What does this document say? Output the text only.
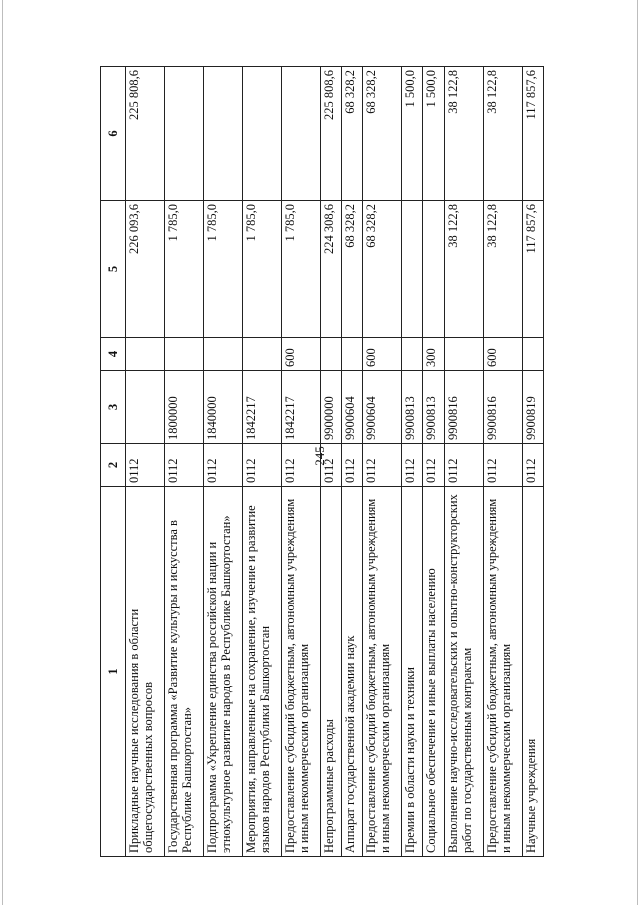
245
1	2	3	4	5	6
Прикладные научные исследования в области общегосударственных вопросов	0112			226 093,6	225 808,6
Государственная программа «Развитие культуры и искусства в Республике Башкортостан»	0112	1800000		1 785,0	
Подпрограмма «Укрепление единства российской нации и этнокультурное развитие народов в Республике Башкортостан»	0112	1840000		1 785,0	
Мероприятия, направленные на сохранение, изучение и развитие языков народов Республики Башкортостан	0112	1842217		1 785,0	
Предоставление субсидий бюджетным, автономным учреждениям и иным некоммерческим организациям	0112	1842217	600	1 785,0	
Непрограммные расходы	0112	9900000		224 308,6	225 808,6
Аппарат государственной академии наук	0112	9900604		68 328,2	68 328,2
Предоставление субсидий бюджетным, автономным учреждениям и иным некоммерческим организациям	0112	9900604	600	68 328,2	68 328,2
Премии в области науки и техники	0112	9900813			1 500,0
Социальное обеспечение и иные выплаты населению	0112	9900813	300		1 500,0
Выполнение научно-исследовательских и опытно-конструкторских работ по государственным контрактам	0112	9900816		38 122,8	38 122,8
Предоставление субсидий бюджетным, автономным учреждениям и иным некоммерческим организациям	0112	9900816	600	38 122,8	38 122,8
Научные учреждения	0112	9900819		117 857,6	117 857,6
